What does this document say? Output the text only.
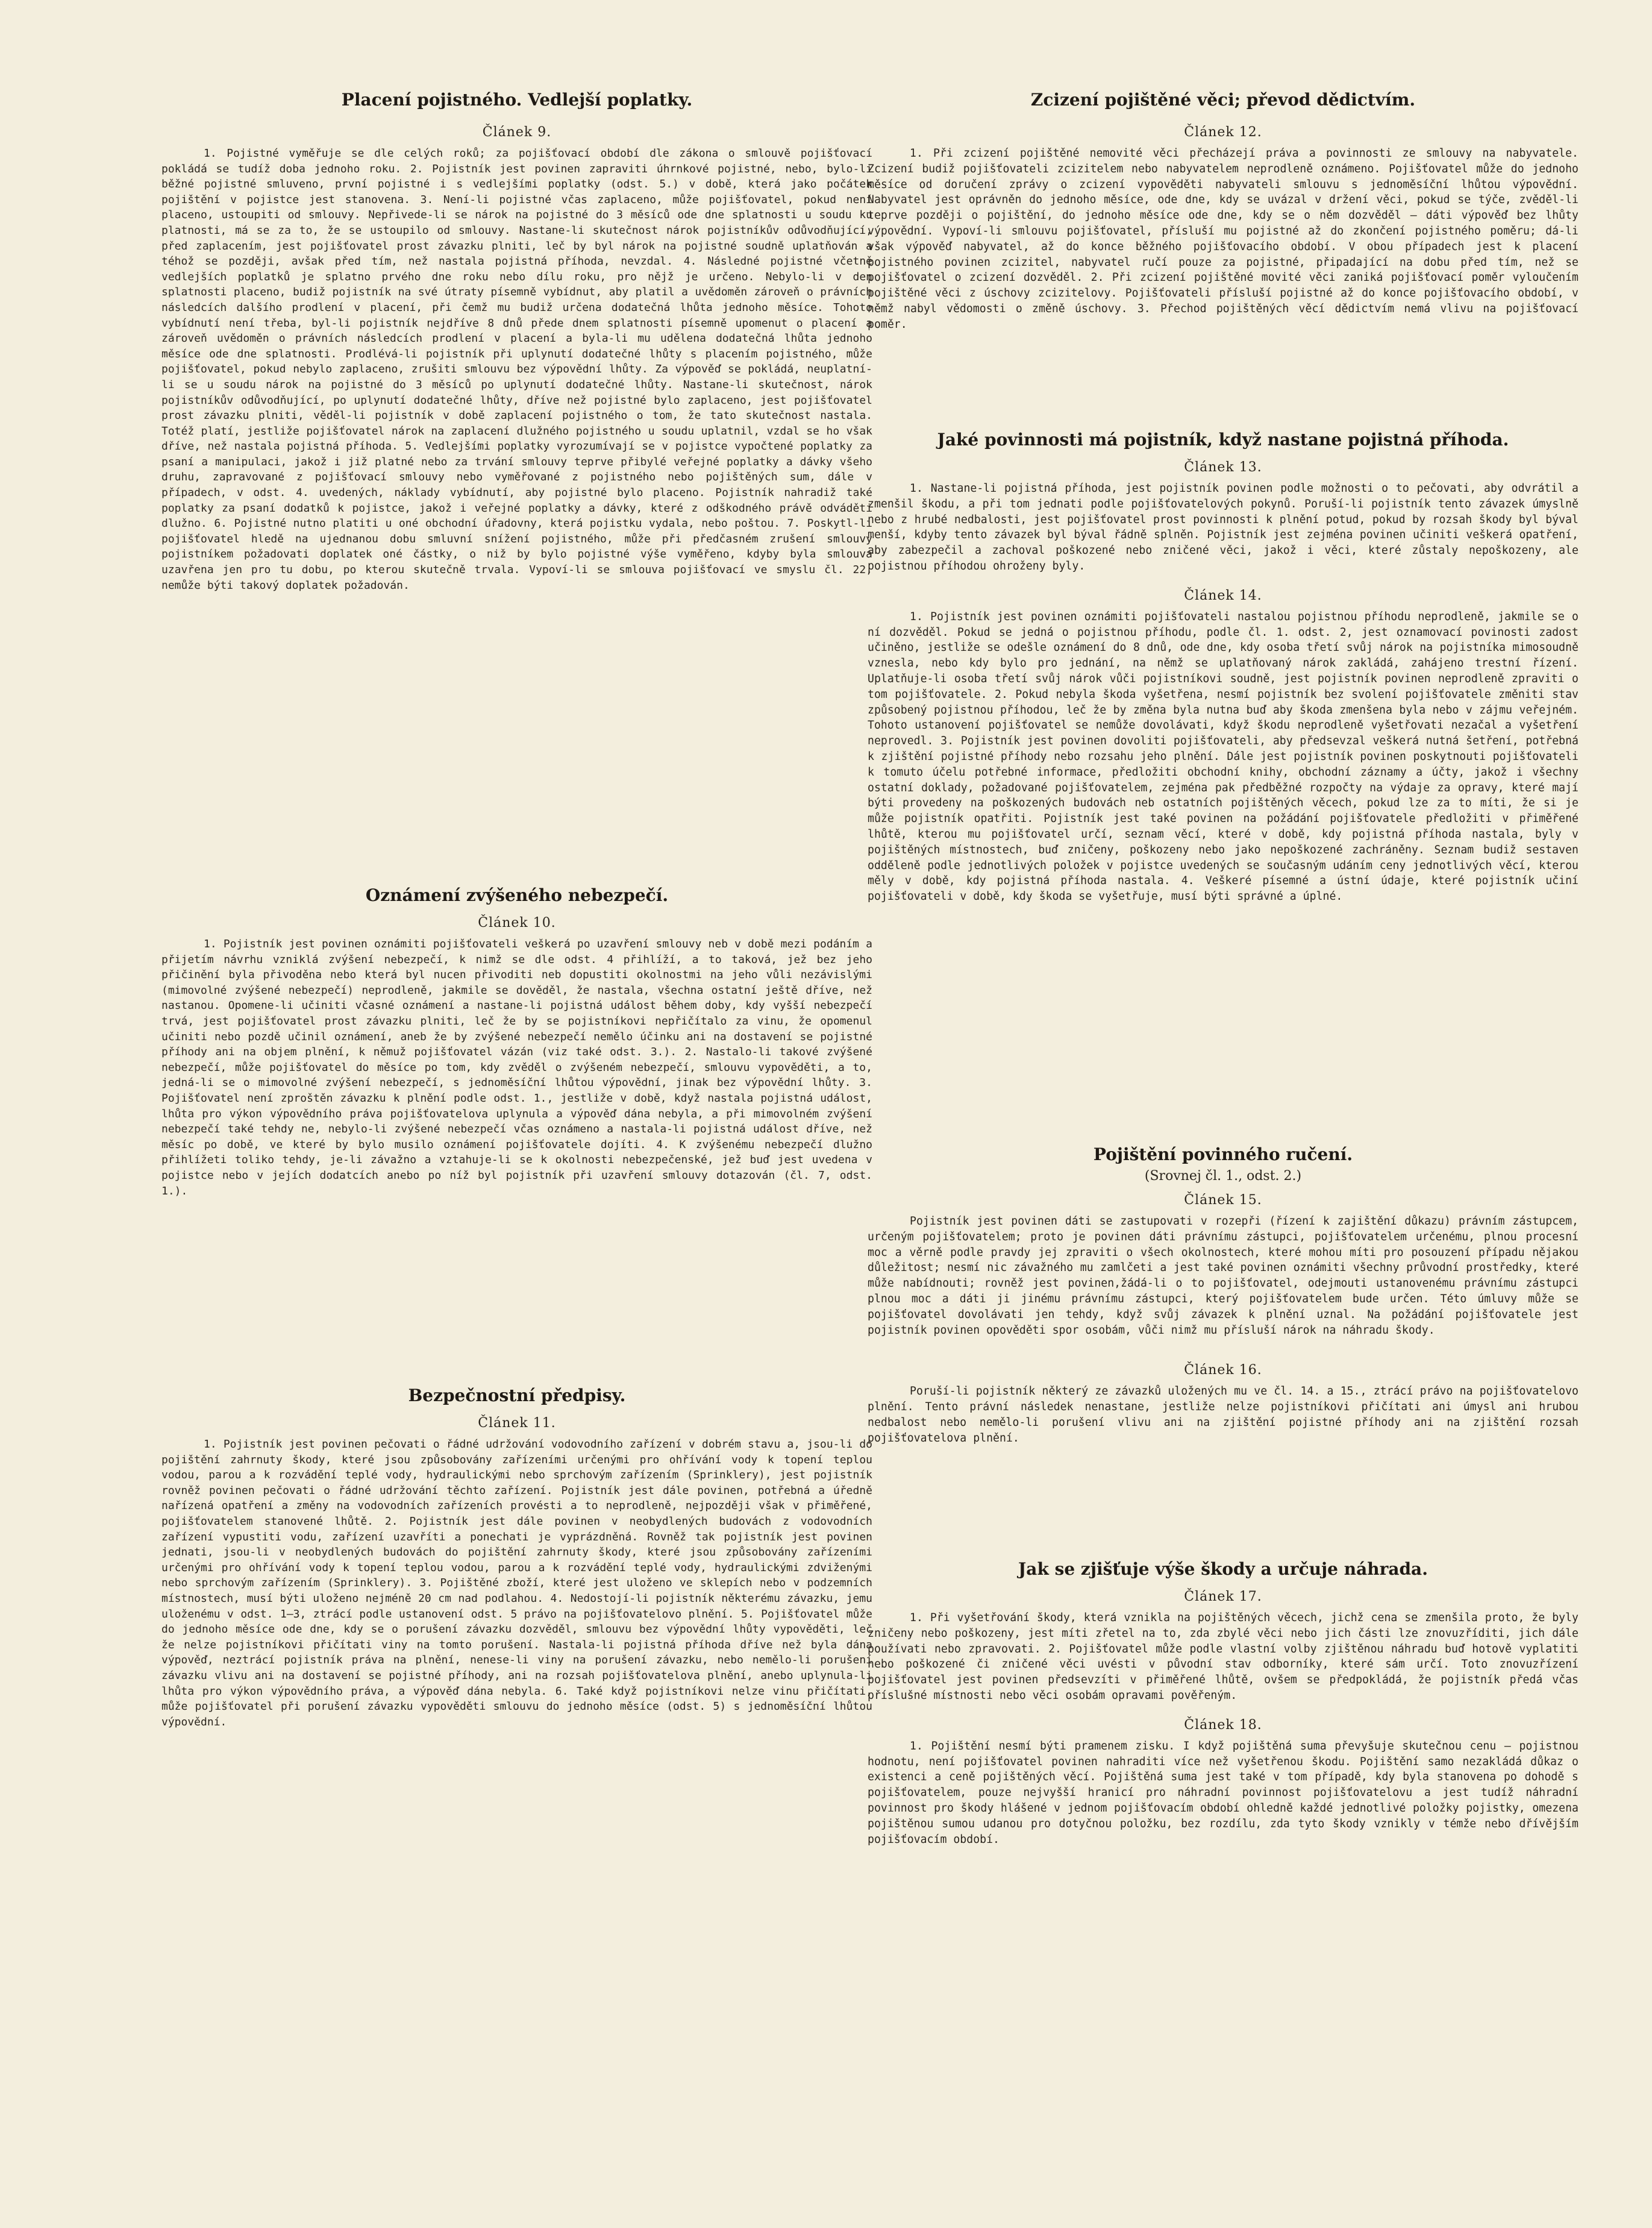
Placení pojistného. Vedlejší poplatky.
Článek 9.

1. Pojistné vyměřuje se dle celých roků; za pojišťovací období dle zákona o smlouvě pojišťovací pokládá se tudíž doba jednoho roku. 2. Pojistník jest povinen zapraviti úhrnkové pojistné, nebo, bylo-li běžné pojistné smluveno, první pojistné i s vedlejšími poplatky (odst. 5.) v době, která jako počátek pojištění v pojistce jest stanovena. 3. Není-li pojistné včas zaplaceno, může pojišťovatel, pokud není placeno, ustoupiti od smlouvy. Nepřivede-li se nárok na pojistné do 3 měsíců ode dne splatnosti u soudu ku platnosti, má se za to, že se ustoupilo od smlouvy. Nastane-li skutečnost nárok pojistníkův odůvodňující, před zaplacením, jest pojišťovatel prost závazku plniti, leč by byl nárok na pojistné soudně uplatňován a téhož se později, avšak před tím, než nastala pojistná příhoda, nevzdal. 4. Následné pojistné včetně vedlejších poplatků je splatno prvého dne roku nebo dílu roku, pro nějž je určeno. Nebylo-li v den splatnosti placeno, budiž pojistník na své útraty písemně vybídnut, aby platil a uvědoměn zároveň o právních následcích dalšího prodlení v placení, při čemž mu budiž určena dodatečná lhůta jednoho měsíce. Tohoto vybídnutí není třeba, byl-li pojistník nejdříve 8 dnů přede dnem splatnosti písemně upomenut o placení a zároveň uvědoměn o právních následcích prodlení v placení a byla-li mu udělena dodatečná lhůta jednoho měsíce ode dne splatnosti. Prodlévá-li pojistník při uplynutí dodatečné lhůty s placením pojistného, může pojišťovatel, pokud nebylo zaplaceno, zrušiti smlouvu bez výpovědní lhůty. Za výpověď se pokládá, neuplatní-li se u soudu nárok na pojistné do 3 měsíců po uplynutí dodatečné lhůty. Nastane-li skutečnost, nárok pojistníkův odůvodňující, po uplynutí dodatečné lhůty, dříve než pojistné bylo zaplaceno, jest pojišťovatel prost závazku plniti, věděl-li pojistník v době zaplacení pojistného o tom, že tato skutečnost nastala. Totéž platí, jestliže pojišťovatel nárok na zaplacení dlužného pojistného u soudu uplatnil, vzdal se ho však dříve, než nastala pojistná příhoda. 5. Vedlejšími poplatky vyrozumívají se v pojistce vypočtené poplatky za psaní a manipulaci, jakož i již platné nebo za trvání smlouvy teprve přibylé veřejné poplatky a dávky všeho druhu, zapravované z pojišťovací smlouvy nebo vyměřované z pojistného nebo pojištěných sum, dále v případech, v odst. 4. uvedených, náklady vybídnutí, aby pojistné bylo placeno. Pojistník nahradiž také poplatky za psaní dodatků k pojistce, jakož i veřejné poplatky a dávky, které z odškodného právě odváděti dlužno. 6. Pojistné nutno platiti u oné obchodní úřadovny, která pojistku vydala, nebo poštou. 7. Poskytl-li pojišťovatel hledě na ujednanou dobu smluvní snížení pojistného, může při předčasném zrušení smlouvy pojistníkem požadovati doplatek oné částky, o niž by bylo pojistné výše vyměřeno, kdyby byla smlouva uzavřena jen pro tu dobu, po kterou skutečně trvala. Vypoví-li se smlouva pojišťovací ve smyslu čl. 22, nemůže býti takový doplatek požadován.

Oznámení zvýšeného nebezpečí.
Článek 10.

1. Pojistník jest povinen oznámiti pojišťovateli veškerá po uzavření smlouvy neb v době mezi podáním a přijetím návrhu vzniklá zvýšení nebezpečí, k nimž se dle odst. 4 přihlíží, a to taková, jež bez jeho přičinění byla přivoděna nebo která byl nucen přivoditi neb dopustiti okolnostmi na jeho vůli nezávislými (mimovolné zvýšené nebezpečí) neprodleně, jakmile se dověděl, že nastala, všechna ostatní ještě dříve, než nastanou. Opomene-li učiniti včasné oznámení a nastane-li pojistná událost během doby, kdy vyšší nebezpečí trvá, jest pojišťovatel prost závazku plniti, leč že by se pojistníkovi nepřičítalo za vinu, že opomenul učiniti nebo pozdě učinil oznámení, aneb že by zvýšené nebezpečí nemělo účinku ani na dostavení se pojistné příhody ani na objem plnění, k němuž pojišťovatel vázán (viz také odst. 3.). 2. Nastalo-li takové zvýšené nebezpečí, může pojišťovatel do měsíce po tom, kdy zvěděl o zvýšeném nebezpečí, smlouvu vypověděti, a to, jedná-li se o mimovolné zvýšení nebezpečí, s jednoměsíční lhůtou výpovědní, jinak bez výpovědní lhůty. 3. Pojišťovatel není zproštěn závazku k plnění podle odst. 1., jestliže v době, když nastala pojistná událost, lhůta pro výkon výpovědního práva pojišťovatelova uplynula a výpověď dána nebyla, a při mimovolném zvýšení nebezpečí také tehdy ne, nebylo-li zvýšené nebezpečí včas oznámeno a nastala-li pojistná událost dříve, než měsíc po době, ve které by bylo musilo oznámení pojišťovatele dojíti. 4. K zvýšenému nebezpečí dlužno přihlížeti toliko tehdy, je-li závažno a vztahuje-li se k okolnosti nebezpečenské, jež buď jest uvedena v pojistce nebo v jejích dodatcích anebo po níž byl pojistník při uzavření smlouvy dotazován (čl. 7, odst. 1.).

Bezpečnostní předpisy.
Článek 11.

1. Pojistník jest povinen pečovati o řádné udržování vodovodního zařízení v dobrém stavu a, jsou-li do pojištění zahrnuty škody, které jsou způsobovány zařízeními určenými pro ohřívání vody k topení teplou vodou, parou a k rozvádění teplé vody, hydraulickými nebo sprchovým zařízením (Sprinklery), jest pojistník rovněž povinen pečovati o řádné udržování těchto zařízení. Pojistník jest dále povinen, potřebná a úředně nařízená opatření a změny na vodovodních zařízeních provésti a to neprodleně, nejpozději však v přiměřené, pojišťovatelem stanovené lhůtě. 2. Pojistník jest dále povinen v neobydlených budovách z vodovodních zařízení vypustiti vodu, zařízení uzavříti a ponechati je vyprázdněná. Rovněž tak pojistník jest povinen jednati, jsou-li v neobydlených budovách do pojištění zahrnuty škody, které jsou způsobovány zařízeními určenými pro ohřívání vody k topení teplou vodou, parou a k rozvádění teplé vody, hydraulickými zdviženými nebo sprchovým zařízením (Sprinklery). 3. Pojištěné zboží, které jest uloženo ve sklepích nebo v podzemních místnostech, musí býti uloženo nejméně 20 cm nad podlahou. 4. Nedostojí-li pojistník některému závazku, jemu uloženému v odst. 1—3, ztrácí podle ustanovení odst. 5 právo na pojišťovatelovo plnění. 5. Pojišťovatel může do jednoho měsíce ode dne, kdy se o porušení závazku dozvěděl, smlouvu bez výpovědní lhůty vypověděti, leč že nelze pojistníkovi přičítati viny na tomto porušení. Nastala-li pojistná příhoda dříve než byla dána výpověď, neztrácí pojistník práva na plnění, nenese-li viny na porušení závazku, nebo nemělo-li porušení závazku vlivu ani na dostavení se pojistné příhody, ani na rozsah pojišťovatelova plnění, anebo uplynula-li lhůta pro výkon výpovědního práva, a výpověď dána nebyla. 6. Také když pojistníkovi nelze vinu přičítati, může pojišťovatel při porušení závazku vypověděti smlouvu do jednoho měsíce (odst. 5) s jednoměsíční lhůtou výpovědní.

Zcizení pojištěné věci; převod dědictvím.
Článek 12.

1. Při zcizení pojištěné nemovité věci přecházejí práva a povinnosti ze smlouvy na nabyvatele. Zcizení budiž pojišťovateli zcizitelem nebo nabyvatelem neprodleně oznámeno. Pojišťovatel může do jednoho měsíce od doručení zprávy o zcizení vypověděti nabyvateli smlouvu s jednoměsíční lhůtou výpovědní. Nabyvatel jest oprávněn do jednoho měsíce, ode dne, kdy se uvázal v držení věci, pokud se týče, zvěděl-li teprve později o pojištění, do jednoho měsíce ode dne, kdy se o něm dozvěděl — dáti výpověď bez lhůty výpovědní. Vypoví-li smlouvu pojišťovatel, přísluší mu pojistné až do zkončení pojistného poměru; dá-li však výpověď nabyvatel, až do konce běžného pojišťovacího období. V obou případech jest k placení pojistného povinen zcizitel, nabyvatel ručí pouze za pojistné, připadající na dobu před tím, než se pojišťovatel o zcizení dozvěděl. 2. Při zcizení pojištěné movité věci zaniká pojišťovací poměr vyloučením pojištěné věci z úschovy zcizitelovy. Pojišťovateli přísluší pojistné až do konce pojišťovacího období, v němž nabyl vědomosti o změně úschovy. 3. Přechod pojištěných věcí dědictvím nemá vlivu na pojišťovací poměr.

Jaké povinnosti má pojistník, když nastane pojistná příhoda.
Článek 13.

1. Nastane-li pojistná příhoda, jest pojistník povinen podle možnosti o to pečovati, aby odvrátil a zmenšil škodu, a při tom jednati podle pojišťovatelových pokynů. Poruší-li pojistník tento závazek úmyslně nebo z hrubé nedbalosti, jest pojišťovatel prost povinnosti k plnění potud, pokud by rozsah škody byl býval menší, kdyby tento závazek byl býval řádně splněn. Pojistník jest zejména povinen učiniti veškerá opatření, aby zabezpečil a zachoval poškozené nebo zničené věci, jakož i věci, které zůstaly nepoškozeny, ale pojistnou příhodou ohroženy byly.

Článek 14.

1. Pojistník jest povinen oznámiti pojišťovateli nastalou pojistnou příhodu neprodleně, jakmile se o ní dozvěděl. Pokud se jedná o pojistnou příhodu, podle čl. 1. odst. 2, jest oznamovací povinosti zadost učiněno, jestliže se odešle oznámení do 8 dnů, ode dne, kdy osoba třetí svůj nárok na pojistníka mimosoudně vznesla, nebo kdy bylo pro jednání, na němž se uplatňovaný nárok zakládá, zahájeno trestní řízení. Uplatňuje-li osoba třetí svůj nárok vůči pojistníkovi soudně, jest pojistník povinen neprodleně zpraviti o tom pojišťovatele. 2. Pokud nebyla škoda vyšetřena, nesmí pojistník bez svolení pojišťovatele změniti stav způsobený pojistnou příhodou, leč že by změna byla nutna buď aby škoda zmenšena byla nebo v zájmu veřejném. Tohoto ustanovení pojišťovatel se nemůže dovolávati, když škodu neprodleně vyšetřovati nezačal a vyšetření neprovedl. 3. Pojistník jest povinen dovoliti pojišťovateli, aby předsevzal veškerá nutná šetření, potřebná k zjištění pojistné příhody nebo rozsahu jeho plnění. Dále jest pojistník povinen poskytnouti pojišťovateli k tomuto účelu potřebné informace, předložiti obchodní knihy, obchodní záznamy a účty, jakož i všechny ostatní doklady, požadované pojišťovatelem, zejména pak předběžné rozpočty na výdaje za opravy, které mají býti provedeny na poškozených budovách neb ostatních pojištěných věcech, pokud lze za to míti, že si je může pojistník opatřiti. Pojistník jest také povinen na požádání pojišťovatele předložiti v přiměřené lhůtě, kterou mu pojišťovatel určí, seznam věcí, které v době, kdy pojistná příhoda nastala, byly v pojištěných místnostech, buď zničeny, poškozeny nebo jako nepoškozené zachráněny. Seznam budiž sestaven odděleně podle jednotlivých položek v pojistce uvedených se současným udáním ceny jednotlivých věcí, kterou měly v době, kdy pojistná příhoda nastala. 4. Veškeré písemné a ústní údaje, které pojistník učiní pojišťovateli v době, kdy škoda se vyšetřuje, musí býti správné a úplné.

Pojištění povinného ručení.
(Srovnej čl. 1., odst. 2.)
Článek 15.

Pojistník jest povinen dáti se zastupovati v rozepři (řízení k zajištění důkazu) právním zástupcem, určeným pojišťovatelem; proto je povinen dáti právnímu zástupci, pojišťovatelem určenému, plnou procesní moc a věrně podle pravdy jej zpraviti o všech okolnostech, které mohou míti pro posouzení případu nějakou důležitost; nesmí nic závažného mu zamlčeti a jest také povinen oznámiti všechny průvodní prostředky, které může nabídnouti; rovněž jest povinen,žádá-li o to pojišťovatel, odejmouti ustanovenému právnímu zástupci plnou moc a dáti ji jinému právnímu zástupci, který pojišťovatelem bude určen. Této úmluvy může se pojišťovatel dovolávati jen tehdy, když svůj závazek k plnění uznal. Na požádání pojišťovatele jest pojistník povinen opověděti spor osobám, vůči nimž mu přísluší nárok na náhradu škody.

Článek 16.

Poruší-li pojistník některý ze závazků uložených mu ve čl. 14. a 15., ztrácí právo na pojišťovatelovo plnění. Tento právní následek nenastane, jestliže nelze pojistníkovi přičítati ani úmysl ani hrubou nedbalost nebo nemělo-li porušení vlivu ani na zjištění pojistné příhody ani na zjištění rozsah pojišťovatelova plnění.

Jak se zjišťuje výše škody a určuje náhrada.
Článek 17.

1. Při vyšetřování škody, která vznikla na pojištěných věcech, jichž cena se zmenšila proto, že byly zničeny nebo poškozeny, jest míti zřetel na to, zda zbylé věci nebo jich části lze znovuzříditi, jich dále používati nebo zpravovati. 2. Pojišťovatel může podle vlastní volby zjištěnou náhradu buď hotově vyplatiti nebo poškozené či zničené věci uvésti v původní stav odborníky, které sám určí. Toto znovuzřízení pojišťovatel jest povinen předsevzíti v přiměřené lhůtě, ovšem se předpokládá, že pojistník předá včas příslušné místnosti nebo věci osobám opravami pověřeným.

Článek 18.

1. Pojištění nesmí býti pramenem zisku. I když pojištěná suma převyšuje skutečnou cenu — pojistnou hodnotu, není pojišťovatel povinen nahraditi více než vyšetřenou škodu. Pojištění samo nezakládá důkaz o existenci a ceně pojištěných věcí. Pojištěná suma jest také v tom případě, kdy byla stanovena po dohodě s pojišťovatelem, pouze nejvyšší hranicí pro náhradní povinnost pojišťovatelovu a jest tudíž náhradní povinnost pro škody hlášené v jednom pojišťovacím období ohledně každé jednotlivé položky pojistky, omezena pojištěnou sumou udanou pro dotyčnou položku, bez rozdílu, zda tyto škody vznikly v témže nebo dřívějším pojišťovacím období.
